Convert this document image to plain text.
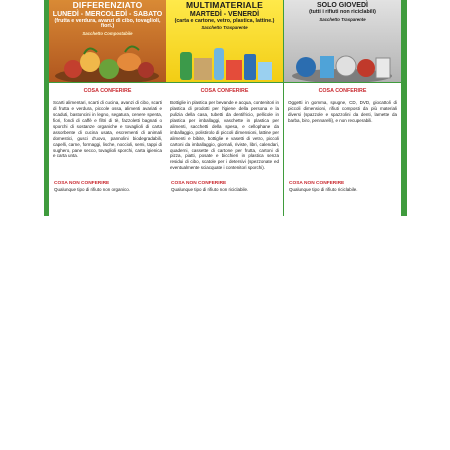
DIFFERENZIATO
LUNEDÌ - MERCOLEDÌ - SABATO
(frutta e verdura, avanzi di cibo, tovaglioli, fiori.)
Sacchetto Compostabile
MULTIMATERIALE
MARTEDÌ - VENERDÌ
(carta e cartone, vetro, plastica, lattine.)
Sacchetto Trasparente
SOLO GIOVEDÌ
(tutti i rifiuti non riciclabili)
Sacchetto Trasparente
COSA CONFERIRE
Scarti alimentari, scarti di cucina, avanzi di cibo, scarti di frutta e verdura, piccole ossa, alimenti avariati e scaduti, bastoncini in legno, segatura, cenere spenta, fiori, fondi di caffè e filtri di tè, fazzoletti bagnati o sporchi di sostanze organiche e tovaglioli di carta assorbente di cucina usata, escrementi di animali domestici, gusci d'uovo, pannolini biodegradabili, capelli, carne, formaggi, lische, noccioli, semi, tappi di sughero, pane secco, tovaglioli sporchi, carta igienica e carta unta.
COSA NON CONFERIRE
Qualunque tipo di rifiuto non organico.
COSA CONFERIRE
Bottiglie in plastica per bevande e acqua, contenitori in plastica di prodotti per l'igiene della persona e la pulizia della casa, tubetti da dentifricio, pellicole in plastica per imballaggi, vaschette in plastica per alimenti, sacchetti della spesa, e cellophane da imballaggio, polistirolo di piccoli dimensioni, lattine per alimenti e bibite, bottiglie e vasetti di vetro, piccoli cartoni da imballaggio, giornali, riviste, libri, calendari, quaderni, cassette di cartone per frutta, cartoni di pizza, piatti, posate e bicchieri in plastica senza residui di cibo, scatole per i detersivi (spezzonate ed eventualmente sciacquate i contenitori sporchi).
COSA NON CONFERIRE
Qualunque tipo di rifiuto non riciclabile.
COSA CONFERIRE
Oggetti in gomma, spugne, CD, DVD, giocattoli di piccoli dimensioni, rifiuti composti da più materiali diversi (spazzole e spazzolini da denti, lamette da barba, biro, pennarelli), e non recuperabili.
COSA NON CONFERIRE
Qualunque tipo di rifiuto riciclabile.
